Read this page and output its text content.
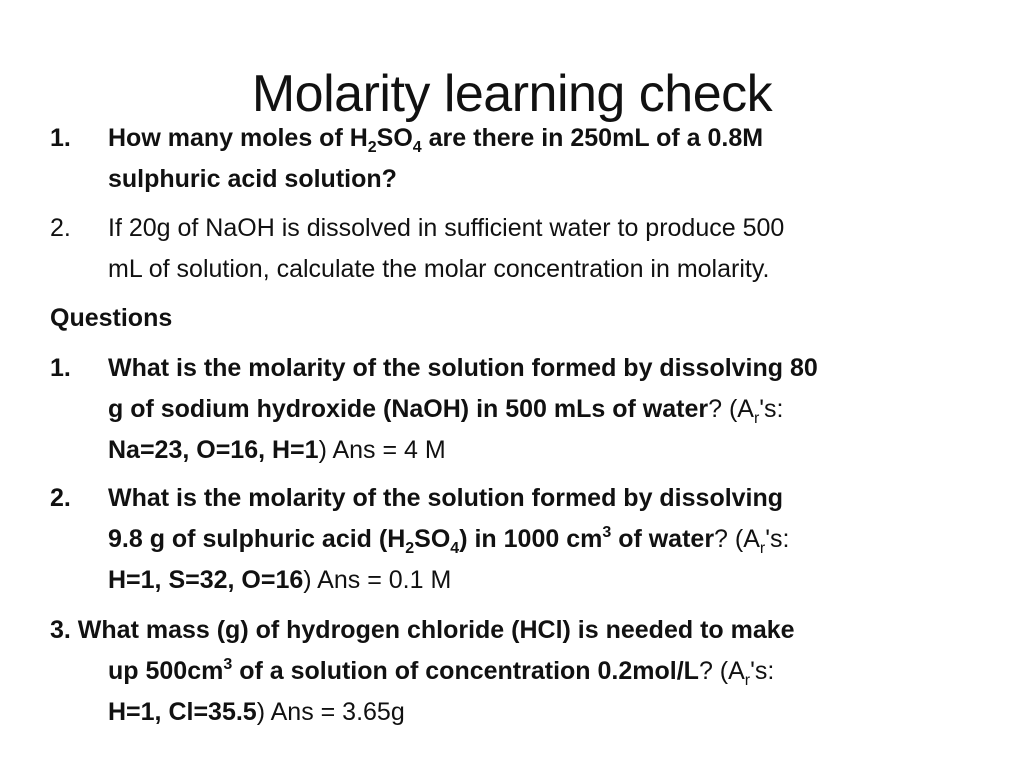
Molarity learning check
1.	How many moles of $H_2SO_4$ are there in 250mL of a 0.8M
sulphuric acid solution?
2.	If 20g of NaOH is dissolved in sufficient water to produce 500
mL of solution, calculate the molar concentration in molarity.
Questions
1.	What is the molarity of the solution formed by dissolving 80
g of sodium hydroxide (NaOH) in 500 mLs of water? ($A_r's$:
Na=23, O=16, H=1) Ans = 4 M
2.	What is the molarity of the solution formed by dissolving
9.8 g of sulphuric acid $(H_2SO_4)$ in 1000 $cm^3$ of water? ($A_r's$:
H=1, S=32, O=16) Ans = 0.1 M
3. What mass (g) of hydrogen chloride (HCl) is needed to make
up $500cm^3$ of a solution of concentration 0.2mol/L? ($A_r's$:
H=1, Cl=35.5) Ans = 3.65g
